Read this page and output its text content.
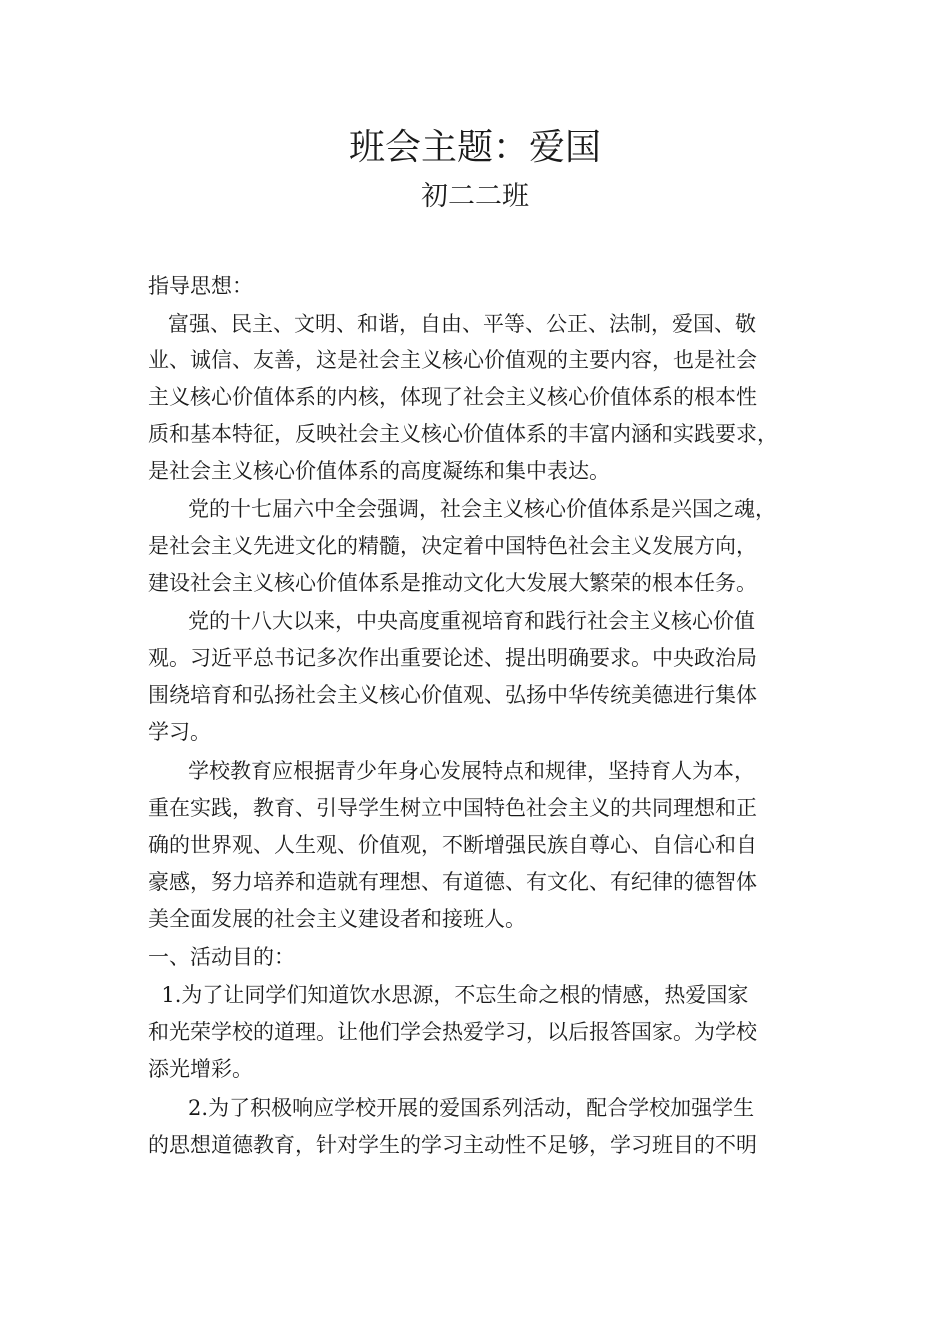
班会主题：爱国
初二二班
指导思想：
富强、民主、文明、和谐，自由、平等、公正、法制，爱国、敬
业、诚信、友善，这是社会主义核心价值观的主要内容，也是社会
主义核心价值体系的内核，体现了社会主义核心价值体系的根本性
质和基本特征，反映社会主义核心价值体系的丰富内涵和实践要求，
是社会主义核心价值体系的高度凝练和集中表达。
党的十七届六中全会强调，社会主义核心价值体系是兴国之魂，
是社会主义先进文化的精髓，决定着中国特色社会主义发展方向，
建设社会主义核心价值体系是推动文化大发展大繁荣的根本任务。
党的十八大以来，中央高度重视培育和践行社会主义核心价值
观。习近平总书记多次作出重要论述、提出明确要求。中央政治局
围绕培育和弘扬社会主义核心价值观、弘扬中华传统美德进行集体
学习。
学校教育应根据青少年身心发展特点和规律，坚持育人为本，
重在实践，教育、引导学生树立中国特色社会主义的共同理想和正
确的世界观、人生观、价值观，不断增强民族自尊心、自信心和自
豪感，努力培养和造就有理想、有道德、有文化、有纪律的德智体
美全面发展的社会主义建设者和接班人。
一、活动目的：
1.为了让同学们知道饮水思源，不忘生命之根的情感，热爱国家
和光荣学校的道理。让他们学会热爱学习，以后报答国家。为学校
添光增彩。
2.为了积极响应学校开展的爱国系列活动，配合学校加强学生
的思想道德教育，针对学生的学习主动性不足够，学习班目的不明
